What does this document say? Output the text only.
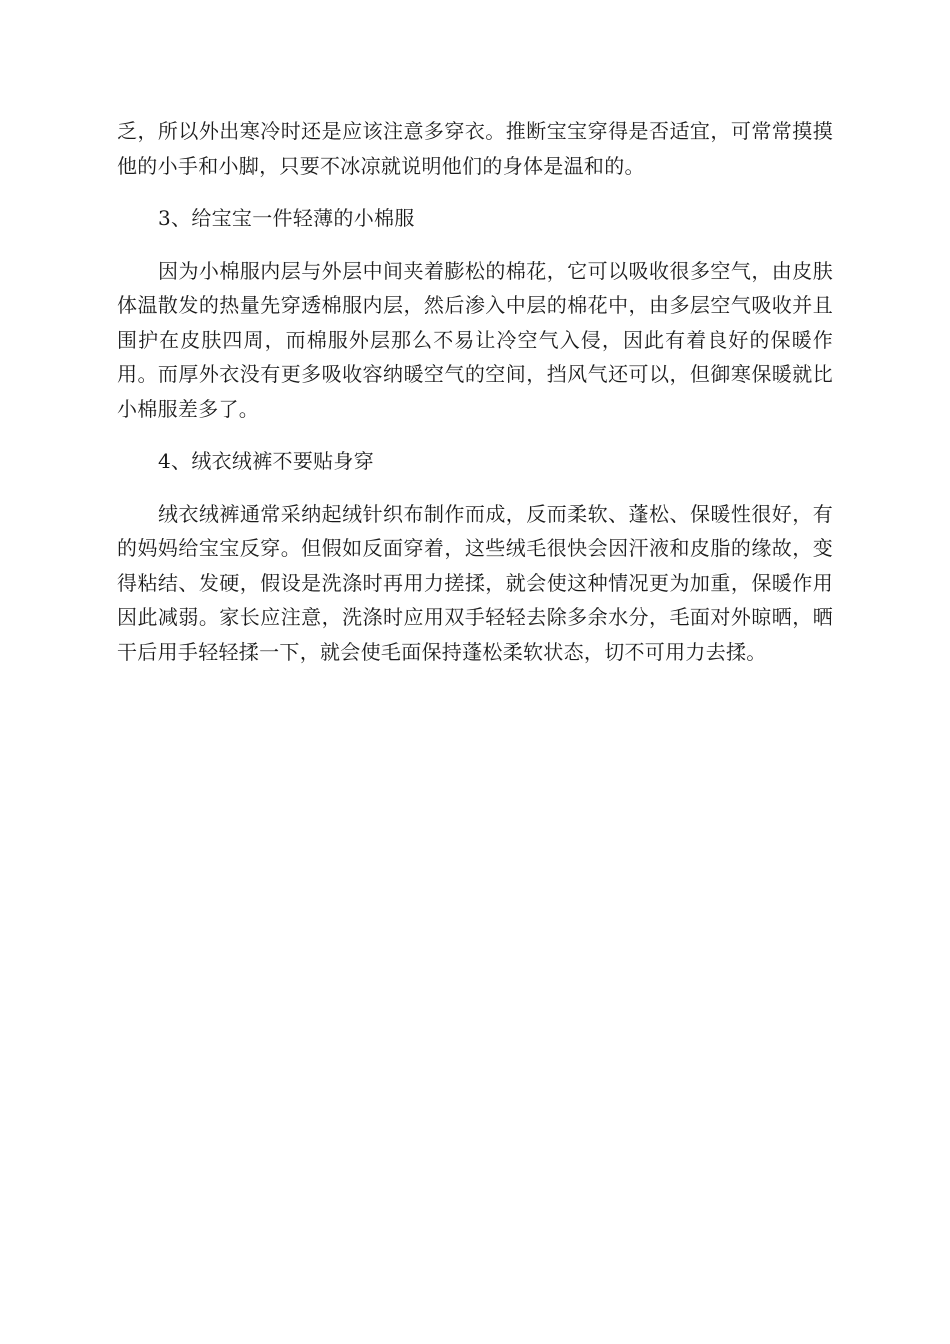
乏，所以外出寒冷时还是应该注意多穿衣。推断宝宝穿得是否适宜，可常常摸摸他的小手和小脚，只要不冰凉就说明他们的身体是温和的。

3、给宝宝一件轻薄的小棉服

因为小棉服内层与外层中间夹着膨松的棉花，它可以吸收很多空气，由皮肤体温散发的热量先穿透棉服内层，然后渗入中层的棉花中，由多层空气吸收并且围护在皮肤四周，而棉服外层那么不易让冷空气入侵，因此有着良好的保暖作用。而厚外衣没有更多吸收容纳暖空气的空间，挡风气还可以，但御寒保暖就比小棉服差多了。

4、绒衣绒裤不要贴身穿

绒衣绒裤通常采纳起绒针织布制作而成，反而柔软、蓬松、保暖性很好，有的妈妈给宝宝反穿。但假如反面穿着，这些绒毛很快会因汗液和皮脂的缘故，变得粘结、发硬，假设是洗涤时再用力搓揉，就会使这种情况更为加重，保暖作用因此减弱。家长应注意，洗涤时应用双手轻轻去除多余水分，毛面对外晾晒，晒干后用手轻轻揉一下，就会使毛面保持蓬松柔软状态，切不可用力去揉。
